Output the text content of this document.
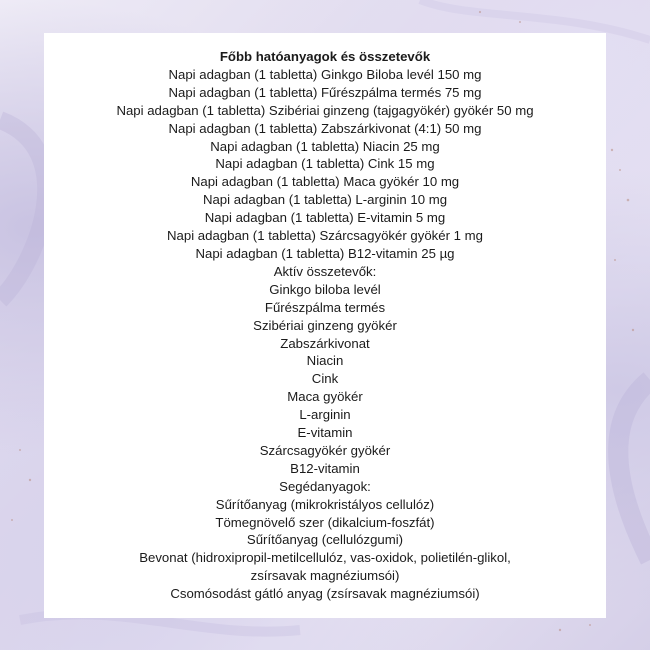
Főbb hatóanyagok és összetevők

Napi adagban (1 tabletta) Ginkgo Biloba levél 150 mg

Napi adagban (1 tabletta) Fűrészpálma termés 75 mg

Napi adagban (1 tabletta) Szibériai ginzeng (tajgagyökér) gyökér 50 mg

Napi adagban (1 tabletta) Zabszárkivonat (4:1) 50 mg

Napi adagban (1 tabletta) Niacin 25 mg

Napi adagban (1 tabletta) Cink 15 mg

Napi adagban (1 tabletta) Maca gyökér 10 mg

Napi adagban (1 tabletta) L-arginin 10 mg

Napi adagban (1 tabletta) E-vitamin 5 mg

Napi adagban (1 tabletta) Szárcsagyökér gyökér 1 mg

Napi adagban (1 tabletta) B12-vitamin 25 µg

Aktív összetevők:

Ginkgo biloba levél

Fűrészpálma termés

Szibériai ginzeng gyökér

Zabszárkivonat

Niacin

Cink

Maca gyökér

L-arginin

E-vitamin

Szárcsagyökér gyökér

B12-vitamin

Segédanyagok:

Sűrítőanyag (mikrokristályos cellulóz)

Tömegnövelő szer (dikalcium-foszfát)

Sűrítőanyag (cellulózgumi)

Bevonat (hidroxipropil-metilcellulóz, vas-oxidok, polietilén-glikol,

zsírsavak magnéziumsói)

Csomósodást gátló anyag (zsírsavak magnéziumsói)
